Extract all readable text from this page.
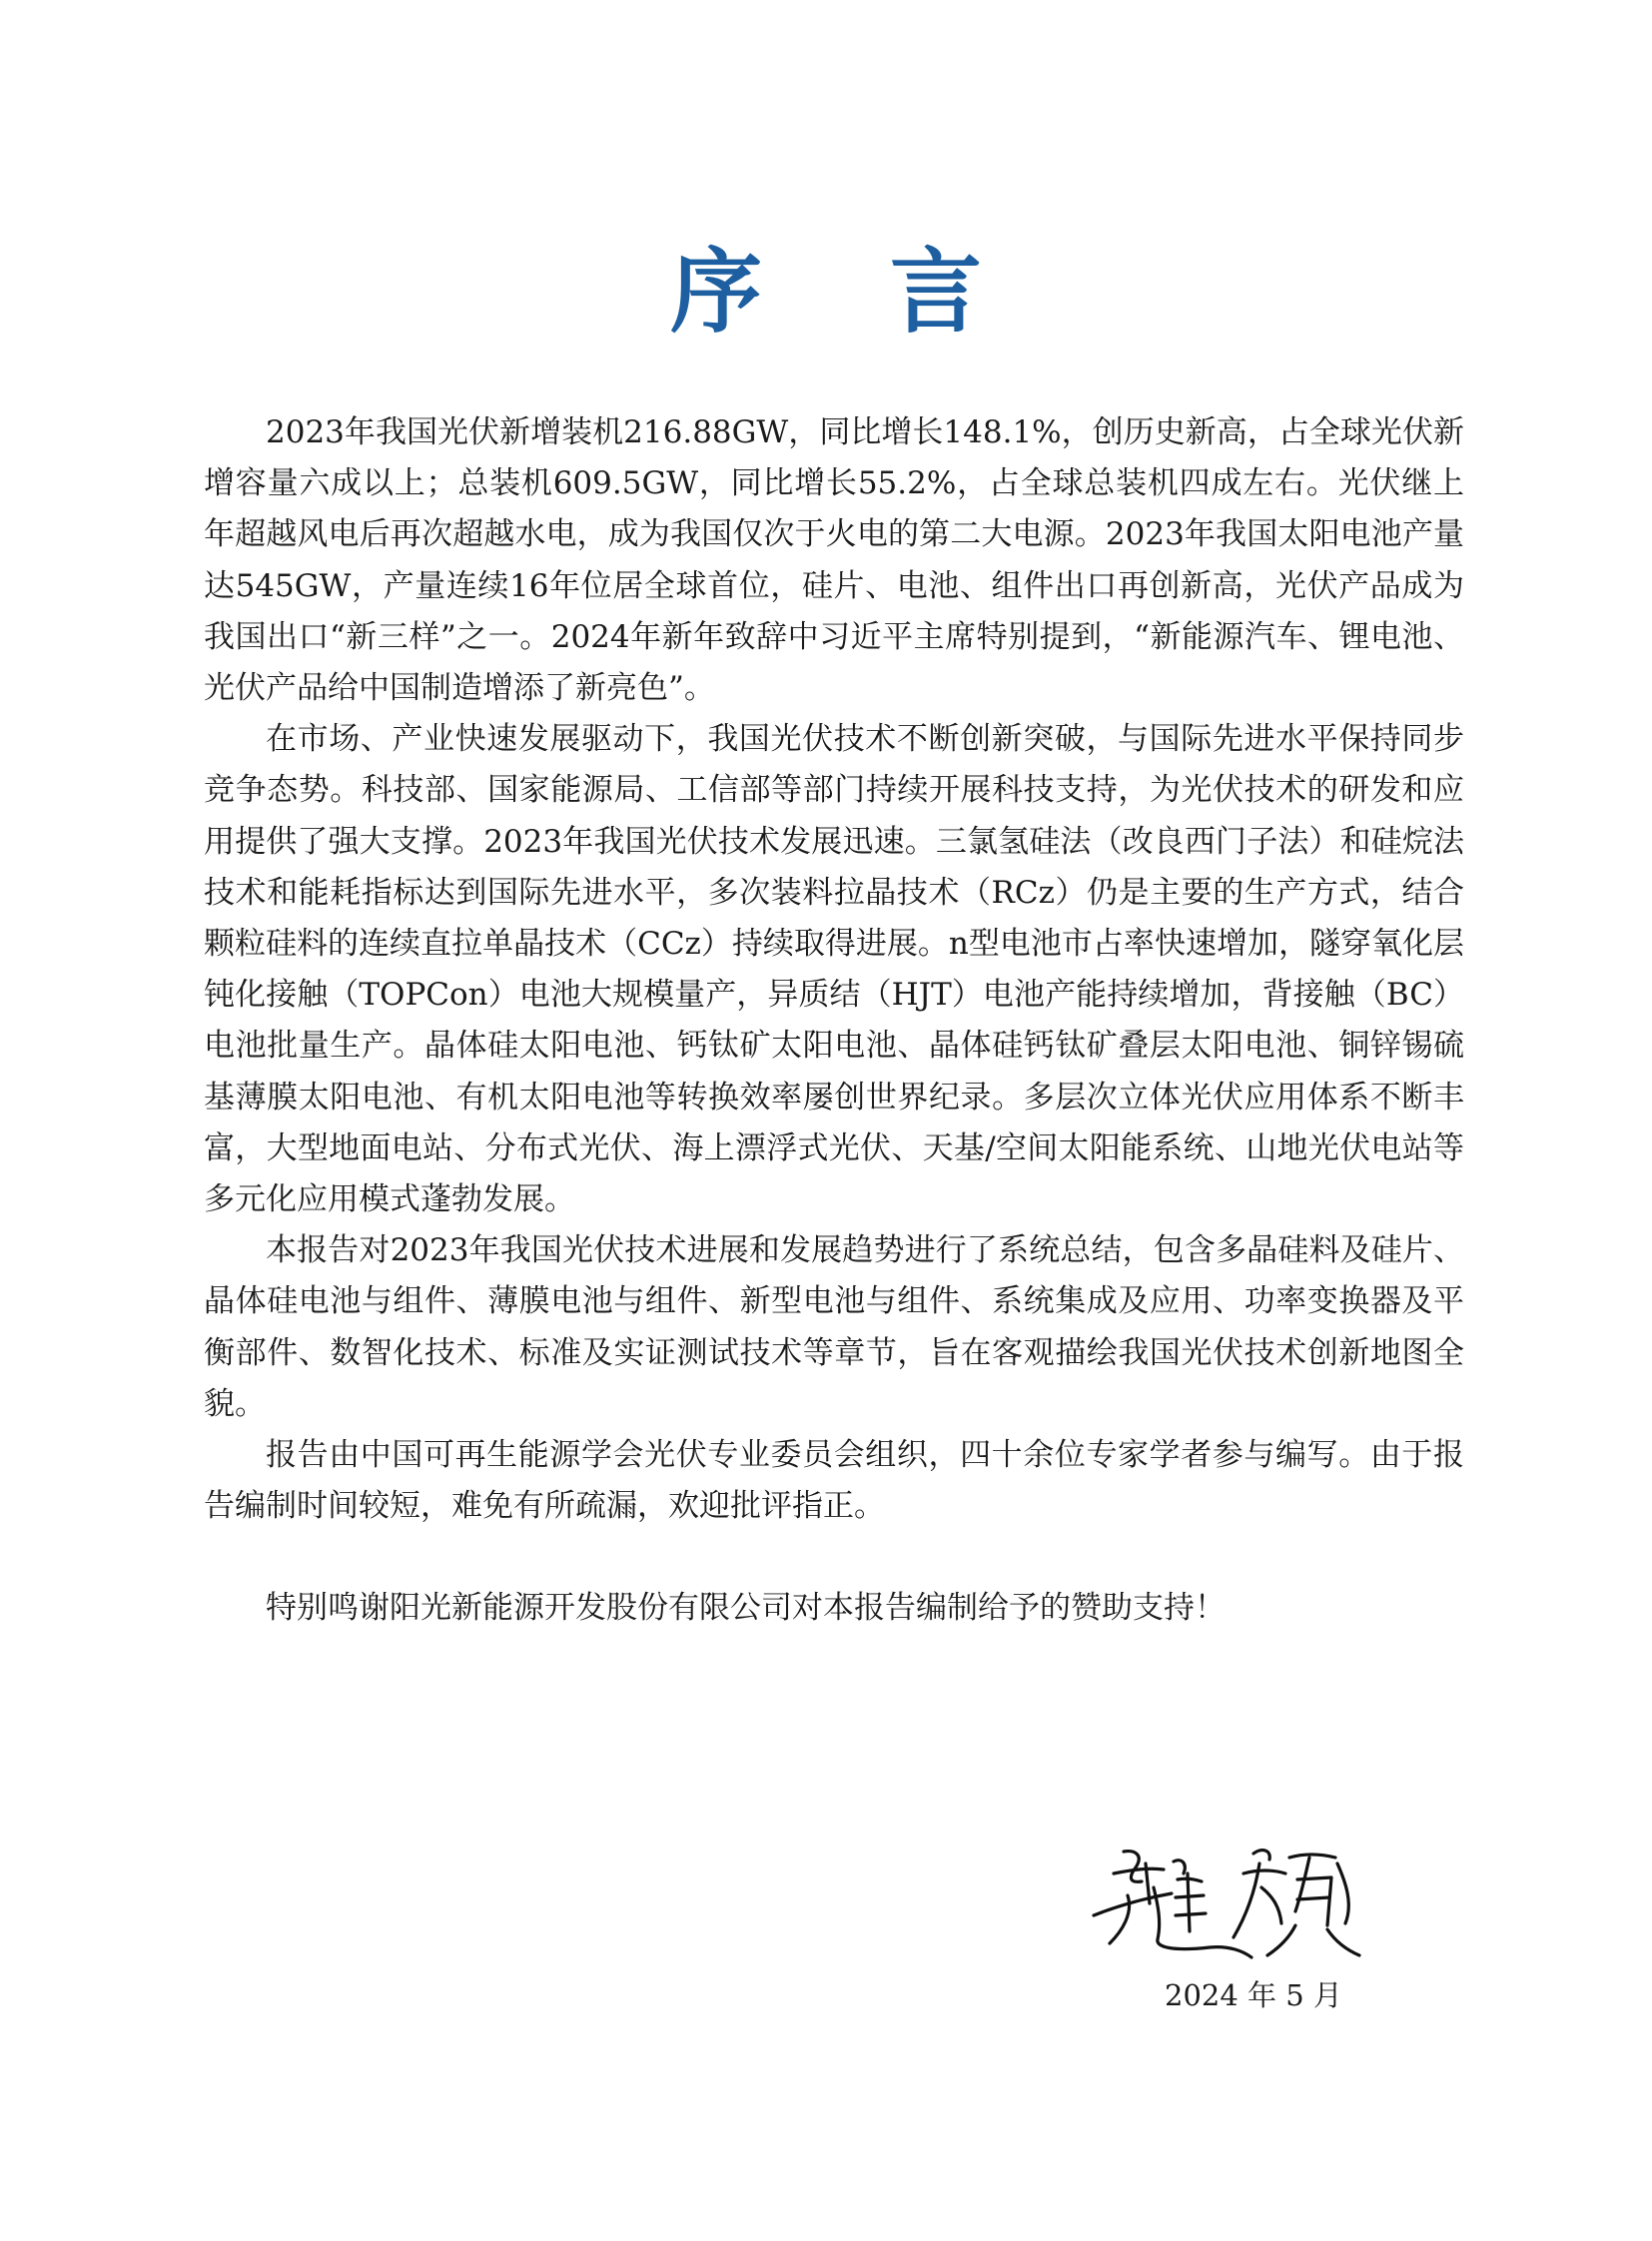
序 言

2023年我国光伏新增装机216.88GW，同比增长148.1%，创历史新高，占全球光伏新增容量六成以上；总装机609.5GW，同比增长55.2%，占全球总装机四成左右。光伏继上年超越风电后再次超越水电，成为我国仅次于火电的第二大电源。2023年我国太阳电池产量达545GW，产量连续16年位居全球首位，硅片、电池、组件出口再创新高，光伏产品成为我国出口“新三样”之一。2024年新年致辞中习近平主席特别提到，“新能源汽车、锂电池、光伏产品给中国制造增添了新亮色”。

在市场、产业快速发展驱动下，我国光伏技术不断创新突破，与国际先进水平保持同步竞争态势。科技部、国家能源局、工信部等部门持续开展科技支持，为光伏技术的研发和应用提供了强大支撑。2023年我国光伏技术发展迅速。三氯氢硅法（改良西门子法）和硅烷法技术和能耗指标达到国际先进水平，多次装料拉晶技术（RCz）仍是主要的生产方式，结合颗粒硅料的连续直拉单晶技术（CCz）持续取得进展。n型电池市占率快速增加，隧穿氧化层钝化接触（TOPCon）电池大规模量产，异质结（HJT）电池产能持续增加，背接触（BC）电池批量生产。晶体硅太阳电池、钙钛矿太阳电池、晶体硅钙钛矿叠层太阳电池、铜锌锡硫基薄膜太阳电池、有机太阳电池等转换效率屡创世界纪录。多层次立体光伏应用体系不断丰富，大型地面电站、分布式光伏、海上漂浮式光伏、天基/空间太阳能系统、山地光伏电站等多元化应用模式蓬勃发展。

本报告对2023年我国光伏技术进展和发展趋势进行了系统总结，包含多晶硅料及硅片、晶体硅电池与组件、薄膜电池与组件、新型电池与组件、系统集成及应用、功率变换器及平衡部件、数智化技术、标准及实证测试技术等章节，旨在客观描绘我国光伏技术创新地图全貌。

报告由中国可再生能源学会光伏专业委员会组织，四十余位专家学者参与编写。由于报告编制时间较短，难免有所疏漏，欢迎批评指正。

特别鸣谢阳光新能源开发股份有限公司对本报告编制给予的赞助支持！

2024 年 5 月
